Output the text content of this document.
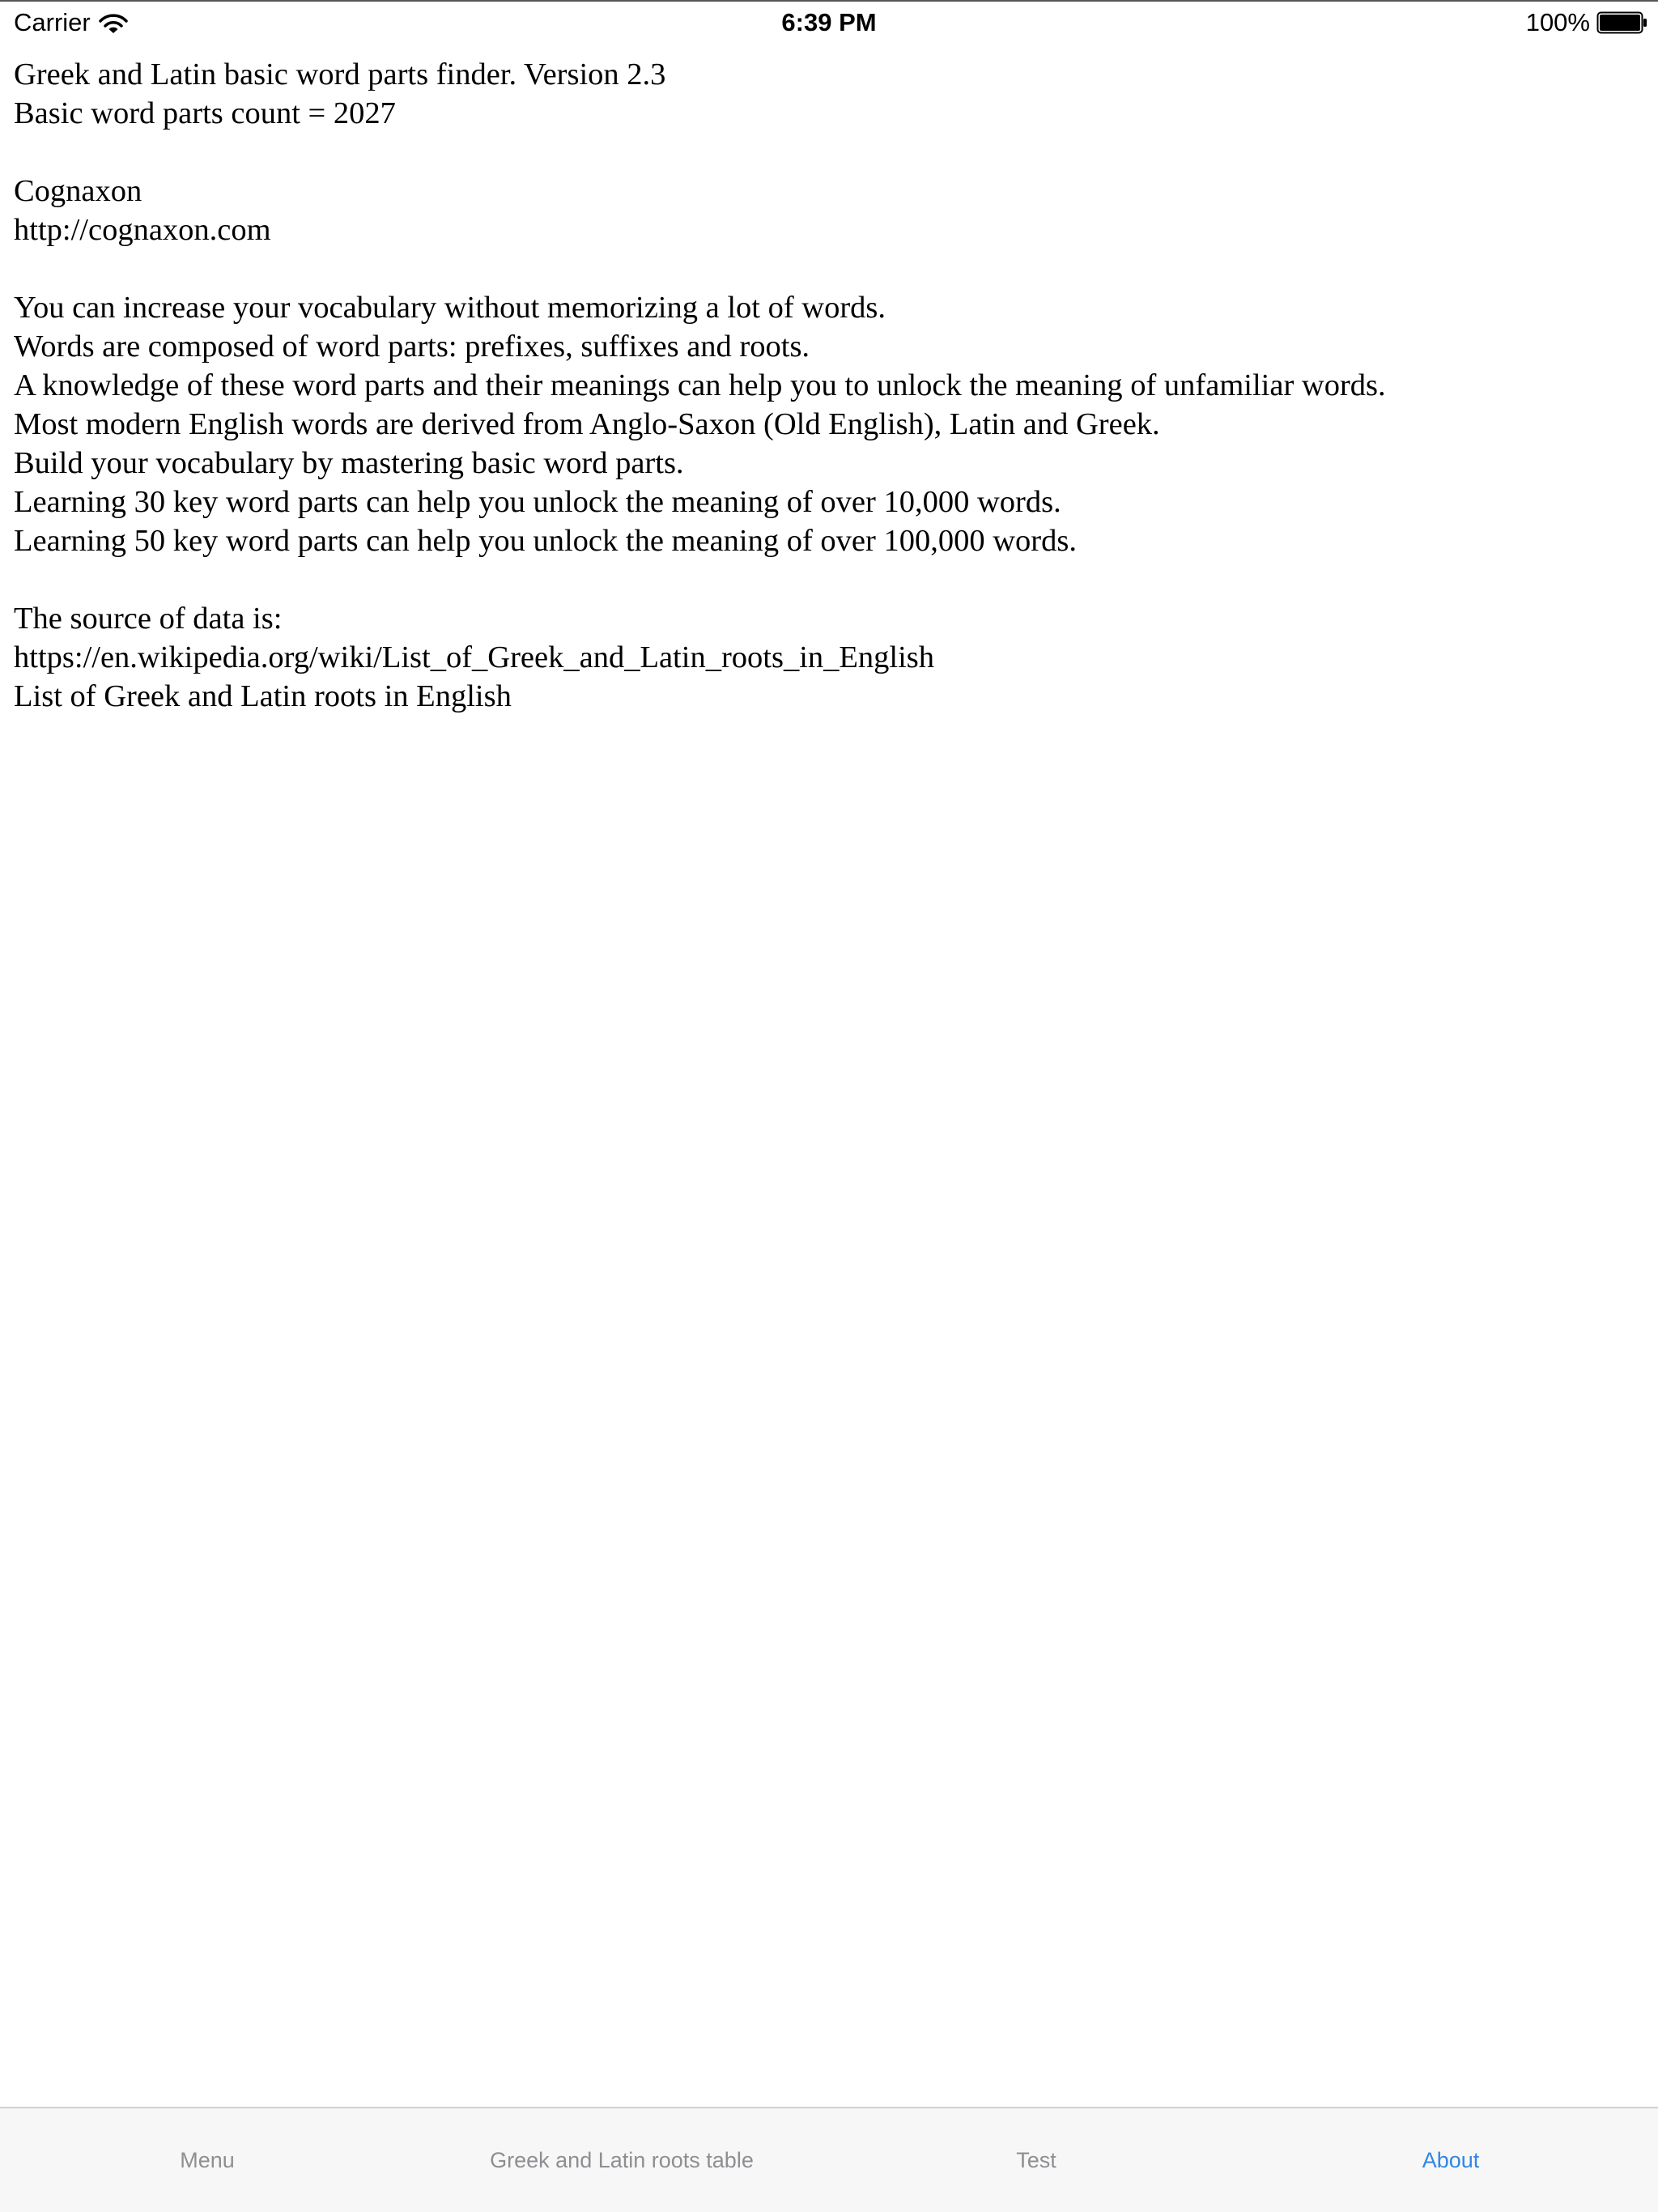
Carrier	6:39 PM	100%
Greek and Latin basic word parts finder. Version 2.3
Basic word parts count = 2027
Cognaxon
http://cognaxon.com
You can increase your vocabulary without memorizing a lot of words.
Words are composed of word parts: prefixes, suffixes and roots.
A knowledge of these word parts and their meanings can help you to unlock the meaning of unfamiliar words.
Most modern English words are derived from Anglo-Saxon (Old English), Latin and Greek.
Build your vocabulary by mastering basic word parts.
Learning 30 key word parts can help you unlock the meaning of over 10,000 words.
Learning 50 key word parts can help you unlock the meaning of over 100,000 words.
The source of data is:
https://en.wikipedia.org/wiki/List_of_Greek_and_Latin_roots_in_English
List of Greek and Latin roots in English
Menu	Greek and Latin roots table	Test	About
